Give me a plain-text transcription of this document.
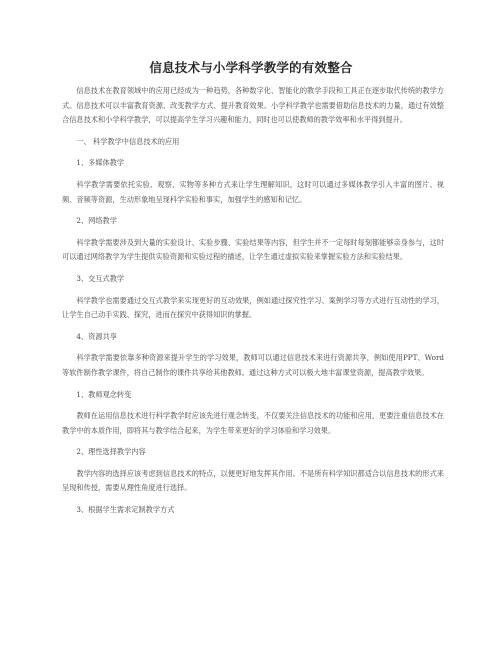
信息技术与小学科学教学的有效整合

信息技术在教育领域中的应用已经成为一种趋势，各种数字化、智能化的教学手段和工具正在逐步取代传统的教学方式。信息技术可以丰富教育资源、改变教学方式、提升教育效果。小学科学教学也需要借助信息技术的力量，通过有效整合信息技术和小学科学教学，可以提高学生学习兴趣和能力，同时也可以使教师的教学效率和水平得到提升。

一、 科学教学中信息技术的应用

1、多媒体教学

科学教学需要依托实验、观察、实物等多种方式来让学生理解知识，这时可以通过多媒体教学引入丰富的图片、视频、音频等资源，生动形象地呈现科学实验和事实，加强学生的感知和记忆。

2、网络教学

科学教学需要涉及到大量的实验设计、实验步骤、实验结果等内容，但学生并不一定每时每刻都能够亲身参与，这时可以通过网络教学为学生提供实验资源和实验过程的描述，让学生通过虚拟实验来掌握实验方法和实验结果。

3、交互式教学

科学教学也需要通过交互式教学来实现更好的互动效果，例如通过探究性学习、案例学习等方式进行互动性的学习，让学生自己动手实践、探究，进而在探究中获得知识的掌握。

4、资源共享

科学教学需要依靠多种资源来提升学生的学习效果，教师可以通过信息技术来进行资源共享，例如使用PPT、Word等软件制作教学课件，将自己制作的课件共享给其他教师。通过这种方式可以极大地丰富课堂资源，提高教学效果。

1、教师观念转变

教师在运用信息技术进行科学教学时应该先进行观念转变，不仅要关注信息技术的功能和应用，更要注重信息技术在教学中的本质作用，即将其与教学结合起来，为学生带来更好的学习体验和学习效果。

2、理性选择教学内容

教学内容的选择应该考虑到信息技术的特点，以便更好地发挥其作用。不是所有科学知识都适合以信息技术的形式来呈现和传授，需要从理性角度进行选择。

3、根据学生需求定制教学方式
